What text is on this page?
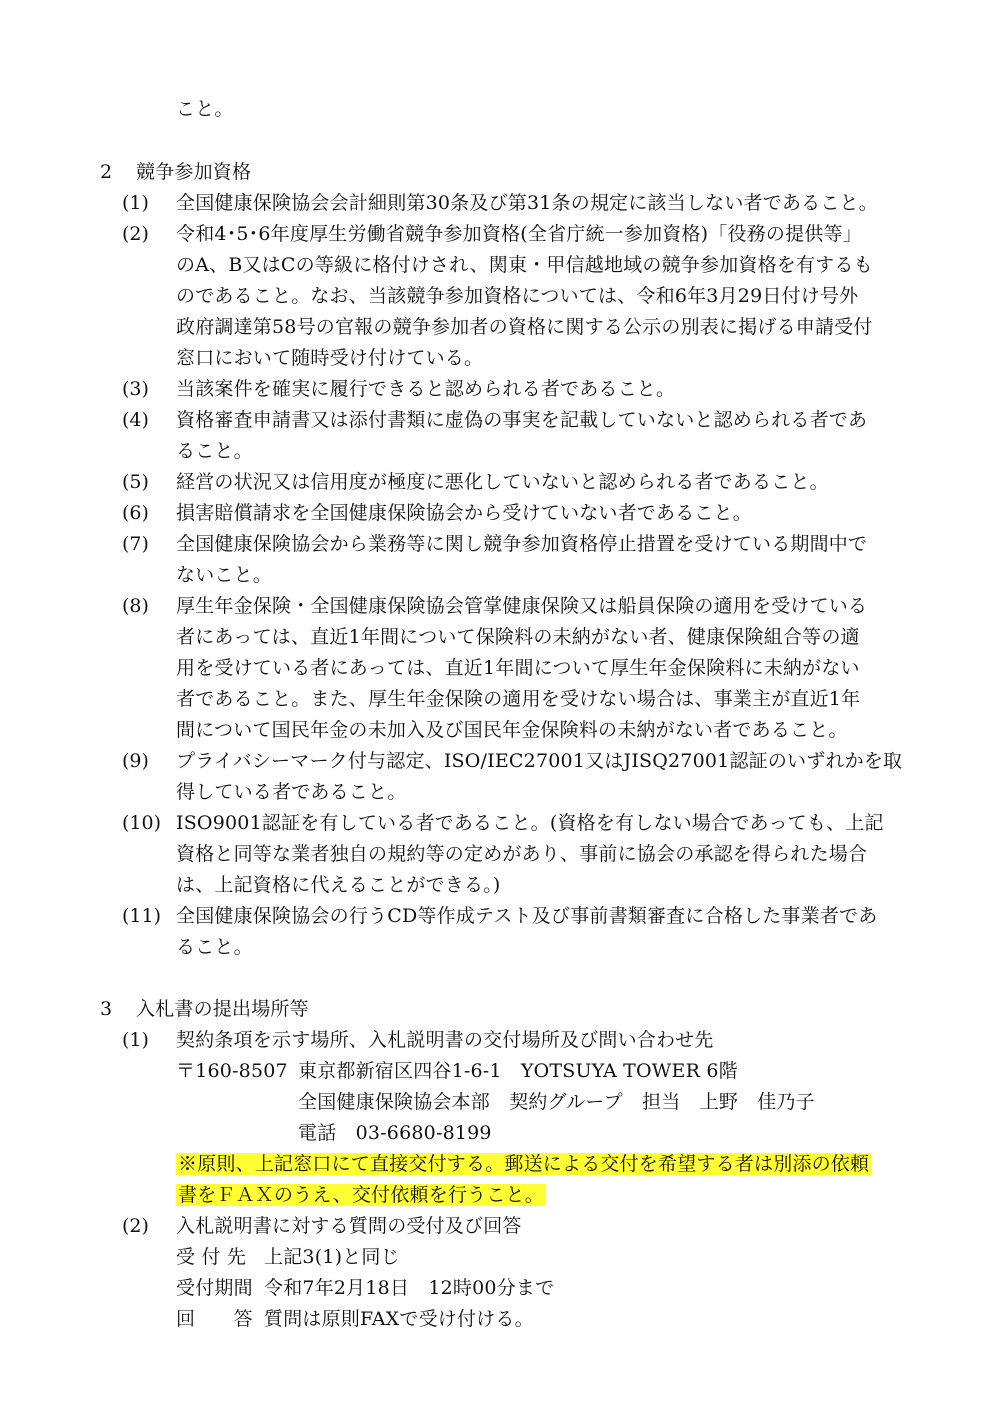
こと。
2 競争参加資格
(1) 全国健康保険協会会計細則第30条及び第31条の規定に該当しない者であること。
(2) 令和4･5･6年度厚生労働省競争参加資格(全省庁統一参加資格)「役務の提供等」
のA、B又はCの等級に格付けされ、関東・甲信越地域の競争参加資格を有するも
のであること。なお、当該競争参加資格については、令和6年3月29日付け号外
政府調達第58号の官報の競争参加者の資格に関する公示の別表に掲げる申請受付
窓口において随時受け付けている。
(3) 当該案件を確実に履行できると認められる者であること。
(4) 資格審査申請書又は添付書類に虚偽の事実を記載していないと認められる者であ
ること。
(5) 経営の状況又は信用度が極度に悪化していないと認められる者であること。
(6) 損害賠償請求を全国健康保険協会から受けていない者であること。
(7) 全国健康保険協会から業務等に関し競争参加資格停止措置を受けている期間中で
ないこと。
(8) 厚生年金保険・全国健康保険協会管掌健康保険又は船員保険の適用を受けている
者にあっては、直近1年間について保険料の未納がない者、健康保険組合等の適
用を受けている者にあっては、直近1年間について厚生年金保険料に未納がない
者であること。また、厚生年金保険の適用を受けない場合は、事業主が直近1年
間について国民年金の未加入及び国民年金保険料の未納がない者であること。
(9) プライバシーマーク付与認定、ISO/IEC27001又はJISQ27001認証のいずれかを取
得している者であること。
(10) ISO9001認証を有している者であること。(資格を有しない場合であっても、上記
資格と同等な業者独自の規約等の定めがあり、事前に協会の承認を得られた場合
は、上記資格に代えることができる。)
(11) 全国健康保険協会の行うCD等作成テスト及び事前書類審査に合格した事業者であ
ること。
3 入札書の提出場所等
(1) 契約条項を示す場所、入札説明書の交付場所及び問い合わせ先
〒160-8507 東京都新宿区四谷1-6-1　YOTSUYA TOWER 6階
全国健康保険協会本部　契約グループ　担当　上野　佳乃子
電話　03-6680-8199
※原則、上記窓口にて直接交付する。郵送による交付を希望する者は別添の依頼
書をＦＡＸのうえ、交付依頼を行うこと。
(2) 入札説明書に対する質問の受付及び回答
受 付 先 上記3(1)と同じ
受付期間 令和7年2月18日　12時00分まで
回　　答 質問は原則FAXで受け付ける。
